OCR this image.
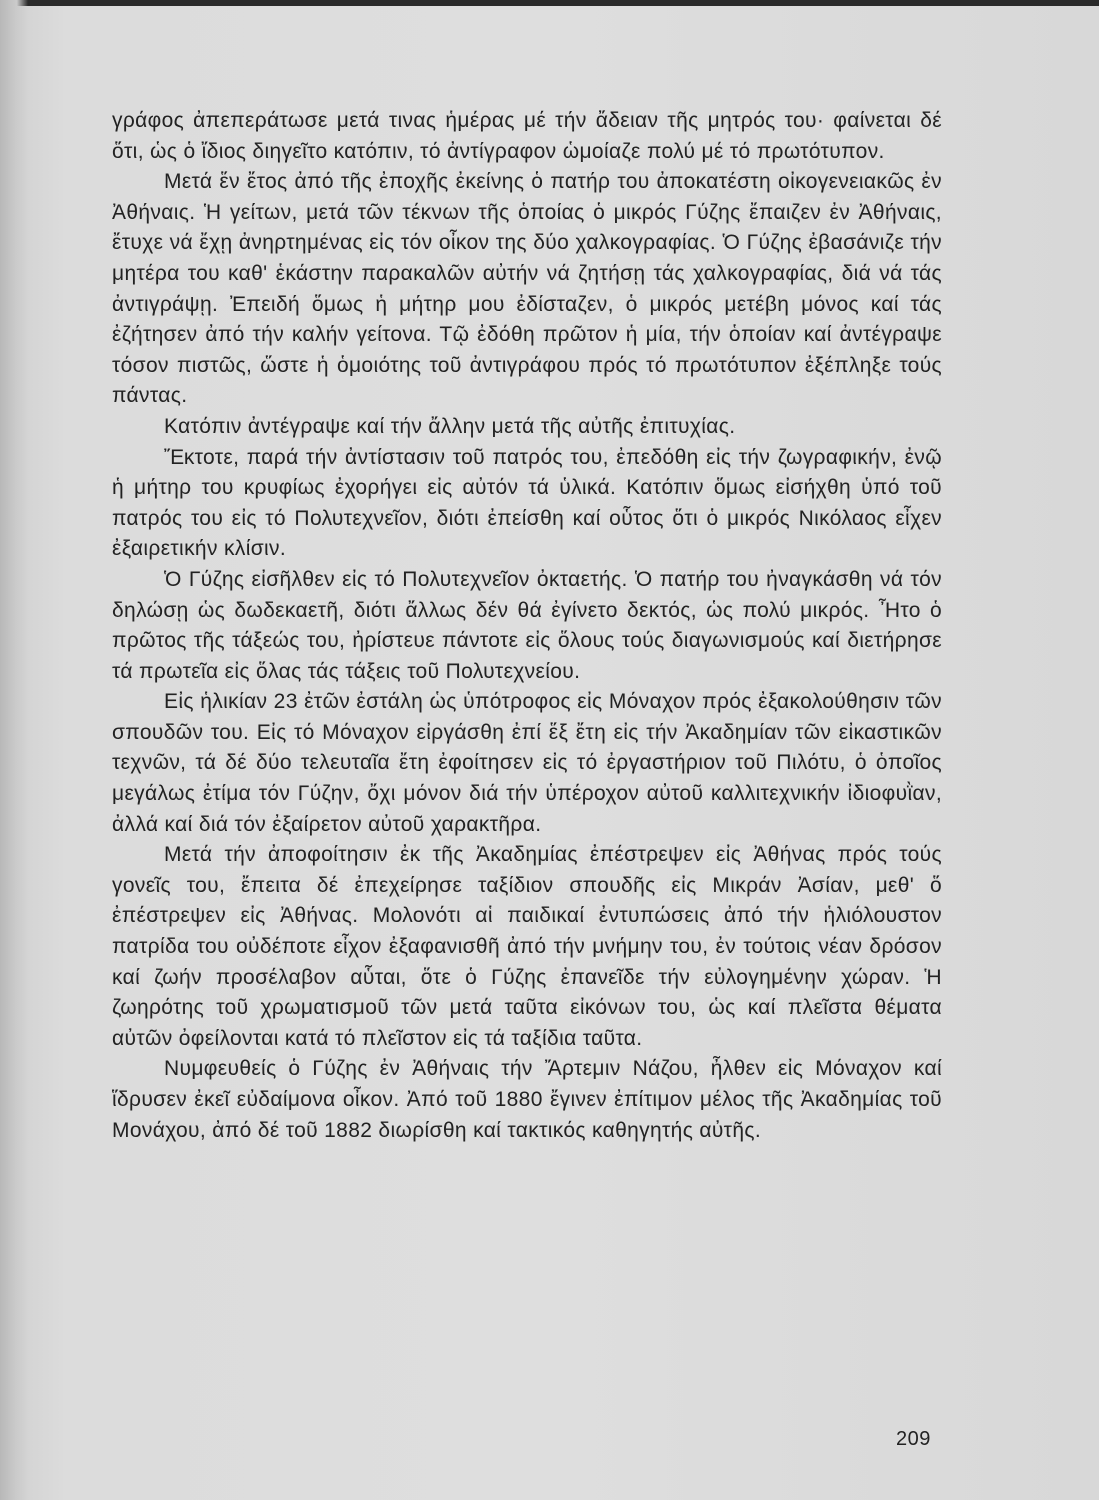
γράφος ἀπεπεράτωσε μετά τινας ἡμέρας μέ τήν ἄδειαν τῆς μητρός του· φαίνεται δέ ὅτι, ὡς ὁ ἴδιος διηγεῖτο κατόπιν, τό ἀντίγραφον ὡμοίαζε πολύ μέ τό πρωτότυπον.

Μετά ἕν ἔτος ἀπό τῆς ἐποχῆς ἐκείνης ὁ πατήρ του ἀποκατέστη οἰκογενειακῶς ἐν Ἀθήναις. Ἡ γείτων, μετά τῶν τέκνων τῆς ὁποίας ὁ μικρός Γύζης ἔπαιζεν ἐν Ἀθήναις, ἔτυχε νά ἔχῃ ἀνηρτημένας εἰς τόν οἶκον της δύο χαλκογραφίας. Ὁ Γύζης ἐβασάνιζε τήν μητέρα του καθ' ἑκάστην παρακαλῶν αὐτήν νά ζητήσῃ τάς χαλκογραφίας, διά νά τάς ἀντιγράψῃ. Ἐπειδή ὅμως ἡ μήτηρ μου ἐδίσταζεν, ὁ μικρός μετέβη μόνος καί τάς ἐζήτησεν ἀπό τήν καλήν γείτονα. Τῷ ἐδόθη πρῶτον ἡ μία, τήν ὁποίαν καί ἀντέγραψε τόσον πιστῶς, ὥστε ἡ ὁμοιότης τοῦ ἀντιγράφου πρός τό πρωτότυπον ἐξέπληξε τούς πάντας.

Κατόπιν ἀντέγραψε καί τήν ἄλλην μετά τῆς αὐτῆς ἐπιτυχίας.

Ἔκτοτε, παρά τήν ἀντίστασιν τοῦ πατρός του, ἐπεδόθη εἰς τήν ζωγραφικήν, ἐνῷ ἡ μήτηρ του κρυφίως ἐχορήγει εἰς αὐτόν τά ὑλικά. Κατόπιν ὅμως εἰσήχθη ὑπό τοῦ πατρός του εἰς τό Πολυτεχνεῖον, διότι ἐπείσθη καί οὗτος ὅτι ὁ μικρός Νικόλαος εἶχεν ἐξαιρετικήν κλίσιν.

Ὁ Γύζης εἰσῆλθεν εἰς τό Πολυτεχνεῖον ὀκταετής. Ὁ πατήρ του ἠναγκάσθη νά τόν δηλώσῃ ὡς δωδεκαετῆ, διότι ἄλλως δέν θά ἐγίνετο δεκτός, ὡς πολύ μικρός. Ἦτο ὁ πρῶτος τῆς τάξεώς του, ἠρίστευε πάντοτε εἰς ὅλους τούς διαγωνισμούς καί διετήρησε τά πρωτεῖα εἰς ὅλας τάς τάξεις τοῦ Πολυτεχνείου.

Εἰς ἡλικίαν 23 ἐτῶν ἐστάλη ὡς ὑπότροφος εἰς Μόναχον πρός ἐξακολούθησιν τῶν σπουδῶν του. Εἰς τό Μόναχον εἰργάσθη ἐπί ἕξ ἔτη εἰς τήν Ἀκαδημίαν τῶν εἰκαστικῶν τεχνῶν, τά δέ δύο τελευταῖα ἔτη ἐφοίτησεν εἰς τό ἐργαστήριον τοῦ Πιλότυ, ὁ ὁποῖος μεγάλως ἐτίμα τόν Γύζην, ὄχι μόνον διά τήν ὑπέροχον αὐτοῦ καλλιτεχνικήν ἰδιοφυῒαν, ἀλλά καί διά τόν ἐξαίρετον αὐτοῦ χαρακτῆρα.

Μετά τήν ἀποφοίτησιν ἐκ τῆς Ἀκαδημίας ἐπέστρεψεν εἰς Ἀθήνας πρός τούς γονεῖς του, ἔπειτα δέ ἐπεχείρησε ταξίδιον σπουδῆς εἰς Μικράν Ἀσίαν, μεθ' ὅ ἐπέστρεψεν εἰς Ἀθήνας. Μολονότι αἱ παιδικαί ἐντυπώσεις ἀπό τήν ἡλιόλουστον πατρίδα του οὐδέποτε εἶχον ἐξαφανισθῆ ἀπό τήν μνήμην του, ἐν τούτοις νέαν δρόσον καί ζωήν προσέλαβον αὗται, ὅτε ὁ Γύζης ἐπανεῖδε τήν εὐλογημένην χώραν. Ἡ ζωηρότης τοῦ χρωματισμοῦ τῶν μετά ταῦτα εἰκόνων του, ὡς καί πλεῖστα θέματα αὐτῶν ὀφείλονται κατά τό πλεῖστον εἰς τά ταξίδια ταῦτα.

Νυμφευθείς ὁ Γύζης ἐν Ἀθήναις τήν Ἄρτεμιν Νάζου, ἦλθεν εἰς Μόναχον καί ἵδρυσεν ἐκεῖ εὐδαίμονα οἶκον. Ἀπό τοῦ 1880 ἔγινεν ἐπίτιμον μέλος τῆς Ἀκαδημίας τοῦ Μονάχου, ἀπό δέ τοῦ 1882 διωρίσθη καί τακτικός καθηγητής αὐτῆς.

209
